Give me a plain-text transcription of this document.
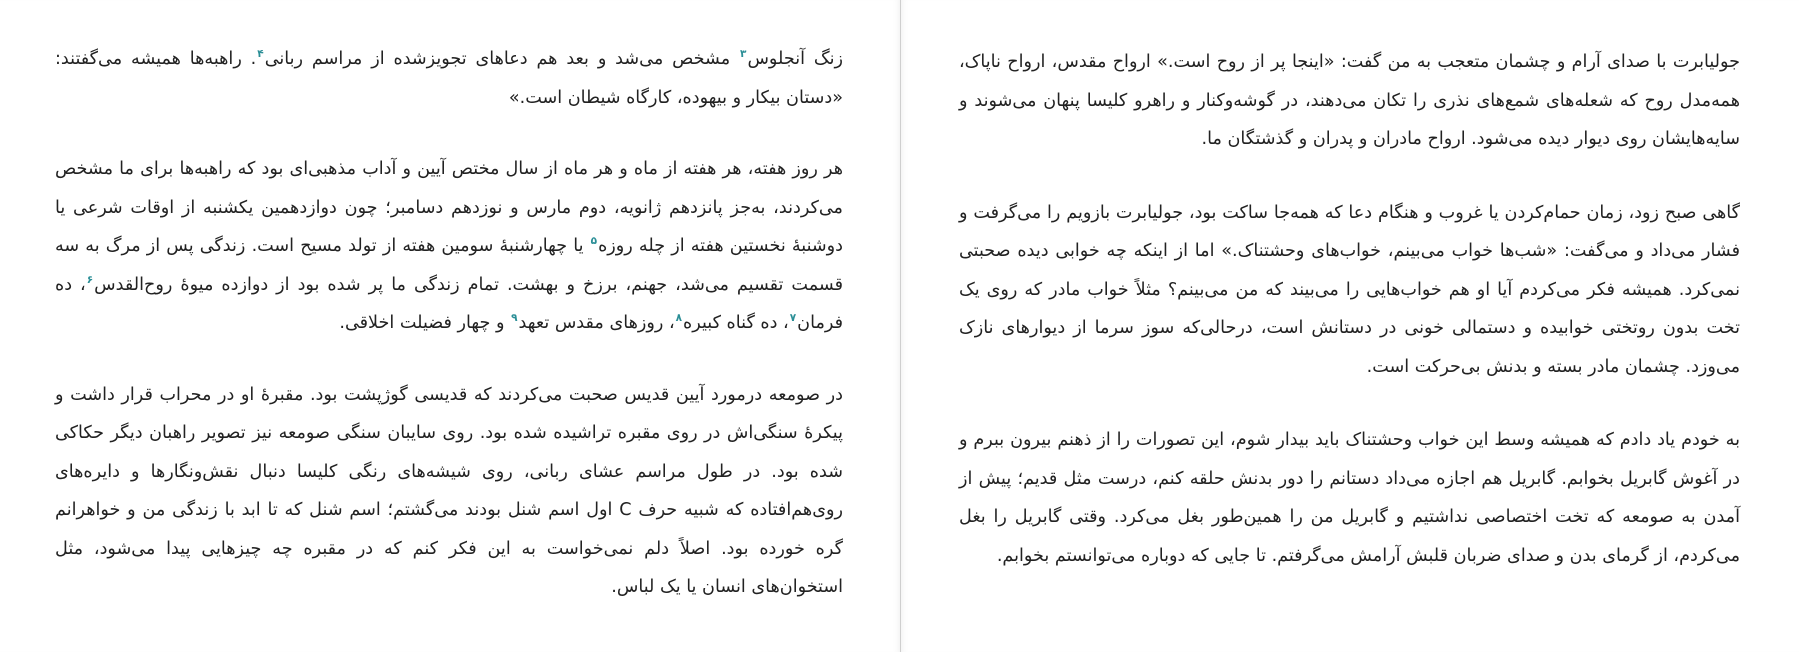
زنگ آنجلوس$^۳$ مشخص می‌شد و بعد هم دعاهای تجویزشده از مراسم ربانی$^۴$. راهبه‌ها همیشه می‌گفتند: «دستان بیکار و بیهوده، کارگاه شیطان است.»

هر روز هفته، هر هفته از ماه و هر ماه از سال مختص آیین و آداب مذهبی‌ای بود که راهبه‌ها برای ما مشخص می‌کردند، به‌جز پانزدهم ژانویه، دوم مارس و نوزدهم دسامبر؛ چون دوازدهمین یکشنبه از اوقات شرعی یا دوشنبهٔ نخستین هفته از چله روزه$^۵$ یا چهارشنبهٔ سومین هفته از تولد مسیح است. زندگی پس از مرگ به سه قسمت تقسیم می‌شد، جهنم، برزخ و بهشت. تمام زندگی ما پر شده بود از دوازده میوهٔ روح‌القدس$^۶$، ده فرمان$^۷$، ده گناه کبیره$^۸$، روزهای مقدس تعهد$^۹$ و چهار فضیلت اخلاقی.

در صومعه درمورد آیین قدیس صحبت می‌کردند که قدیسی گوژپشت بود. مقبرهٔ او در محراب قرار داشت و پیکرهٔ سنگی‌اش در روی مقبره تراشیده شده بود. روی سایبان سنگی صومعه نیز تصویر راهبان دیگر حکاکی شده بود. در طول مراسم عشای ربانی، روی شیشه‌های رنگی کلیسا دنبال نقش‌ونگارها و دایره‌های روی‌هم‌افتاده که شبیه حرف C اول اسم شنل بودند می‌گشتم؛ اسم شنل که تا ابد با زندگی من و خواهرانم گره خورده بود. اصلاً دلم نمی‌خواست به این فکر کنم که در مقبره چه چیزهایی پیدا می‌شود، مثل استخوان‌های انسان یا یک لباس.

جولیابرت با صدای آرام و چشمان متعجب به من گفت: «اینجا پر از روح است.» ارواح مقدس، ارواح ناپاک، همه‌مدل روح که شعله‌های شمع‌های نذری را تکان می‌دهند، در گوشه‌وکنار و راهرو کلیسا پنهان می‌شوند و سایه‌هایشان روی دیوار دیده می‌شود. ارواح مادران و پدران و گذشتگان ما.

گاهی صبح زود، زمان حمام‌کردن یا غروب و هنگام دعا که همه‌جا ساکت بود، جولیابرت بازویم را می‌گرفت و فشار می‌داد و می‌گفت: «شب‌ها خواب می‌بینم، خواب‌های وحشتناک.» اما از اینکه چه خوابی دیده صحبتی نمی‌کرد. همیشه فکر می‌کردم آیا او هم خواب‌هایی را می‌بیند که من می‌بینم؟ مثلاً خواب مادر که روی یک تخت بدون روتختی خوابیده و دستمالی خونی در دستانش است، درحالی‌که سوز سرما از دیوارهای نازک می‌وزد. چشمان مادر بسته و بدنش بی‌حرکت است.

به خودم یاد دادم که همیشه وسط این خواب وحشتناک باید بیدار شوم، این تصورات را از ذهنم بیرون ببرم و در آغوش گابریل بخوابم. گابریل هم اجازه می‌داد دستانم را دور بدنش حلقه کنم، درست مثل قدیم؛ پیش از آمدن به صومعه که تخت اختصاصی نداشتیم و گابریل من را همین‌طور بغل می‌کرد. وقتی گابریل را بغل می‌کردم، از گرمای بدن و صدای ضربان قلبش آرامش می‌گرفتم. تا جایی که دوباره می‌توانستم بخوابم.
